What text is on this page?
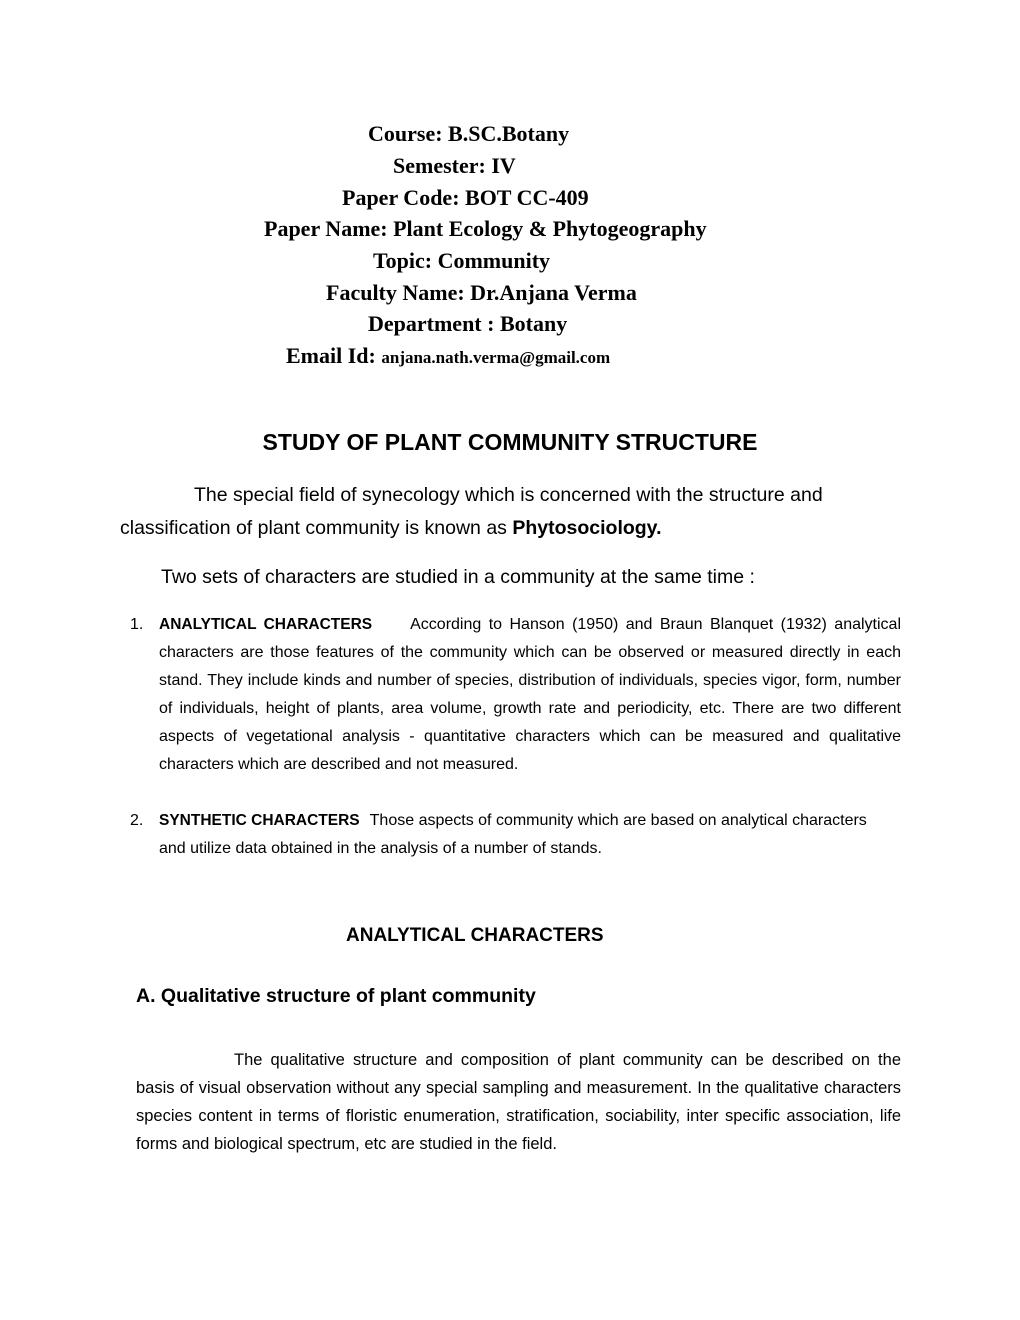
Course: B.SC.Botany
Semester: IV
Paper Code: BOT CC-409
Paper Name: Plant Ecology & Phytogeography
Topic: Community
Faculty Name: Dr.Anjana Verma
Department : Botany
Email Id: anjana.nath.verma@gmail.com
STUDY OF PLANT COMMUNITY STRUCTURE
The special field of synecology which is concerned with the structure and classification of plant community is known as Phytosociology.
Two sets of characters are studied in a community at the same time :
1. ANALYTICAL CHARACTERS According to Hanson (1950) and Braun Blanquet (1932) analytical characters are those features of the community which can be observed or measured directly in each stand. They include kinds and number of species, distribution of individuals, species vigor, form, number of individuals, height of plants, area volume, growth rate and periodicity, etc. There are two different aspects of vegetational analysis - quantitative characters which can be measured and qualitative characters which are described and not measured.
2. SYNTHETIC CHARACTERS Those aspects of community which are based on analytical characters and utilize data obtained in the analysis of a number of stands.
ANALYTICAL CHARACTERS
A. Qualitative structure of plant community
The qualitative structure and composition of plant community can be described on the basis of visual observation without any special sampling and measurement. In the qualitative characters species content in terms of floristic enumeration, stratification, sociability, inter specific association, life forms and biological spectrum, etc are studied in the field.
